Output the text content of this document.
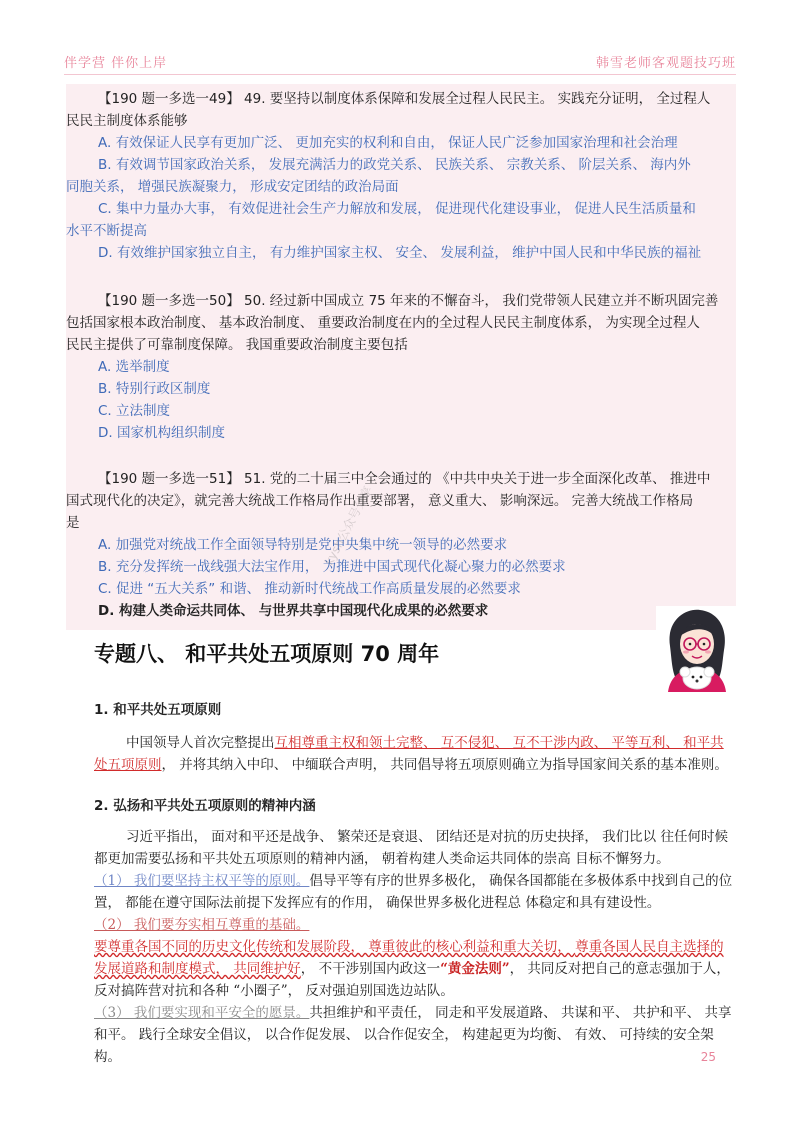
伴学营 伴你上岸	韩雪老师客观题技巧班
【190 题一多选一49】 49. 要坚持以制度体系保障和发展全过程人民民主。 实践充分证明， 全过程人
民民主制度体系能够
A. 有效保证人民享有更加广泛、 更加充实的权利和自由， 保证人民广泛参加国家治理和社会治理
B. 有效调节国家政治关系， 发展充满活力的政党关系、 民族关系、 宗教关系、 阶层关系、 海内外
同胞关系， 增强民族凝聚力， 形成安定团结的政治局面
C. 集中力量办大事， 有效促进社会生产力解放和发展， 促进现代化建设事业， 促进人民生活质量和
水平不断提高
D. 有效维护国家独立自主， 有力维护国家主权、 安全、 发展利益， 维护中国人民和中华民族的福祉
【190 题一多选一50】 50. 经过新中国成立 75 年来的不懈奋斗， 我们党带领人民建立并不断巩固完善
包括国家根本政治制度、 基本政治制度、 重要政治制度在内的全过程人民民主制度体系， 为实现全过程人
民民主提供了可靠制度保障。 我国重要政治制度主要包括
A. 选举制度
B. 特别行政区制度
C. 立法制度
D. 国家机构组织制度
【190 题一多选一51】 51. 党的二十届三中全会通过的 《中共中央关于进一步全面深化改革、 推进中
国式现代化的决定》，就完善大统战工作格局作出重要部署， 意义重大、 影响深远。 完善大统战工作格局
是
A. 加强党对统战工作全面领导特别是党中央集中统一领导的必然要求
B. 充分发挥统一战线强大法宝作用， 为推进中国式现代化凝心聚力的必然要求
C. 促进 “五大关系” 和谐、 推动新时代统战工作高质量发展的必然要求
D. 构建人类命运共同体、 与世界共享中国现代化成果的必然要求
kysh公众号分享
专题八、 和平共处五项原则 70 周年
1. 和平共处五项原则
中国领导人首次完整提出互相尊重主权和领土完整、 互不侵犯、 互不干涉内政、 平等互利、 和平共处五项原则， 并将其纳入中印、 中缅联合声明， 共同倡导将五项原则确立为指导国家间关系的基本准则。
2. 弘扬和平共处五项原则的精神内涵
习近平指出， 面对和平还是战争、 繁荣还是衰退、 团结还是对抗的历史抉择， 我们比以 往任何时候都更加需要弘扬和平共处五项原则的精神内涵， 朝着构建人类命运共同体的崇高 目标不懈努力。
（1） 我们要坚持主权平等的原则。倡导平等有序的世界多极化， 确保各国都能在多极体系中找到自己的位置， 都能在遵守国际法前提下发挥应有的作用， 确保世界多极化进程总 体稳定和具有建设性。
（2） 我们要夯实相互尊重的基础。
要尊重各国不同的历史文化传统和发展阶段， 尊重彼此的核心利益和重大关切， 尊重各国人民自主选择的发展道路和制度模式， 共同维护好， 不干涉别国内政这一“黄金法则”， 共同反对把自己的意志强加于人， 反对搞阵营对抗和各种 “小圈子”， 反对强迫别国选边站队。
（3） 我们要实现和平安全的愿景。共担维护和平责任， 同走和平发展道路、 共谋和平、 共护和平、 共享和平。 践行全球安全倡议， 以合作促发展、 以合作促安全， 构建起更为均衡、 有效、 可持续的安全架构。	25
